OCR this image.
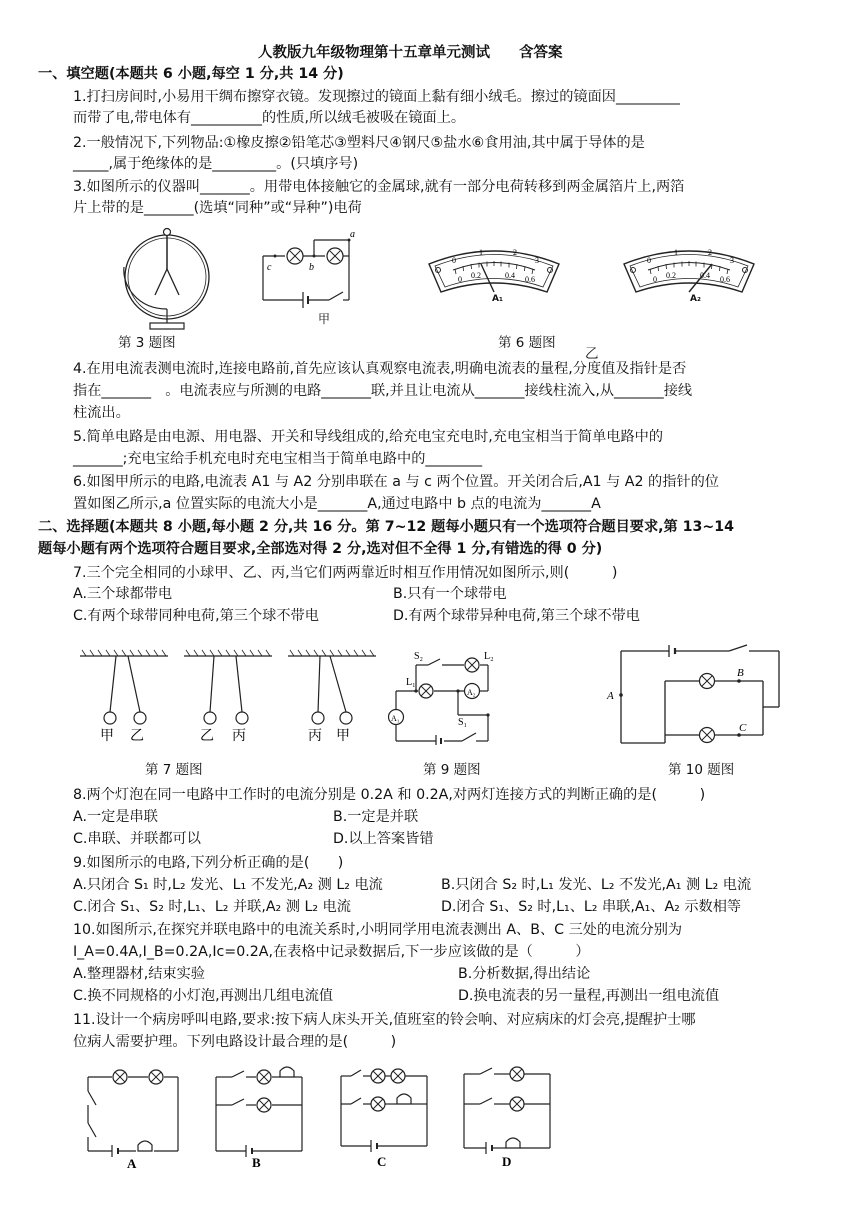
人教版九年级物理第十五章单元测试　　含答案
一、填空题(本题共 6 小题,每空 1 分,共 14 分)
1.打扫房间时,小易用干绸布擦穿衣镜。发现擦过的镜面上黏有细小绒毛。擦过的镜面因_________
而带了电,带电体有__________的性质,所以绒毛被吸在镜面上。
2.一般情况下,下列物品:①橡皮擦②铅笔芯③塑料尺④钢尺⑤盐水⑥食用油,其中属于导体的是
_____,属于绝缘体的是_________。(只填序号)
3.如图所示的仪器叫_______。用带电体接触它的金属球,就有一部分电荷转移到两金属箔片上,两箔
片上带的是_______(选填“同种”或“异种”)电荷
a
b
c
甲
0
1	2
3
0 0.2	0.4 0.6
A₁
0
1	2
3
0 0.2	0.4 0.6
A₂
第 3 题图	第 6 题图
乙
4.在用电流表测电流时,连接电路前,首先应该认真观察电流表,明确电流表的量程,分度值及指针是否
指在_______　。电流表应与所测的电路_______联,并且让电流从_______接线柱流入,从_______接线
柱流出。
5.简单电路是由电源、用电器、开关和导线组成的,给充电宝充电时,充电宝相当于简单电路中的
_______;充电宝给手机充电时充电宝相当于简单电路中的________
6.如图甲所示的电路,电流表 A1 与 A2 分别串联在 a 与 c 两个位置。开关闭合后,A1 与 A2 的指针的位
置如图乙所示,a 位置实际的电流大小是_______A,通过电路中 b 点的电流为_______A
二、选择题(本题共 8 小题,每小题 2 分,共 16 分。第 7~12 题每小题只有一个选项符合题目要求,第 13~14
题每小题有两个选项符合题目要求,全部选对得 2 分,选对但不全得 1 分,有错选的得 0 分)
7.三个完全相同的小球甲、乙、丙,当它们两两靠近时相互作用情况如图所示,则(　　　)
A.三个球都带电	B.只有一个球带电
C.有两个球带同种电荷,第三个球不带电	D.有两个球带异种电荷,第三个球不带电
甲 乙	乙 丙	丙 甲
S₂	L₂
L₁
S₁
A₂
A₁
A
B
C
第 7 题图	第 9 题图	第 10 题图
8.两个灯泡在同一电路中工作时的电流分别是 0.2A 和 0.2A,对两灯连接方式的判断正确的是(　　　)
A.一定是串联	B.一定是并联
C.串联、并联都可以	D.以上答案皆错
9.如图所示的电路,下列分析正确的是(　　)
A.只闭合 S₁ 时,L₂ 发光、L₁ 不发光,A₂ 测 L₂ 电流	B.只闭合 S₂ 时,L₁ 发光、L₂ 不发光,A₁ 测 L₂ 电流
C.闭合 S₁、S₂ 时,L₁、L₂ 并联,A₂ 测 L₂ 电流	D.闭合 S₁、S₂ 时,L₁、L₂ 串联,A₁、A₂ 示数相等
10.如图所示,在探究并联电路中的电流关系时,小明同学用电流表测出 A、B、C 三处的电流分别为
I_A=0.4A,I_B=0.2A,Ic=0.2A,在表格中记录数据后,下一步应该做的是（　　　）
A.整理器材,结束实验	B.分析数据,得出结论
C.换不同规格的小灯泡,再测出几组电流值	D.换电流表的另一量程,再测出一组电流值
11.设计一个病房呼叫电路,要求:按下病人床头开关,值班室的铃会响、对应病床的灯会亮,提醒护士哪
位病人需要护理。下列电路设计最合理的是(　　　)
A	B	C	D
